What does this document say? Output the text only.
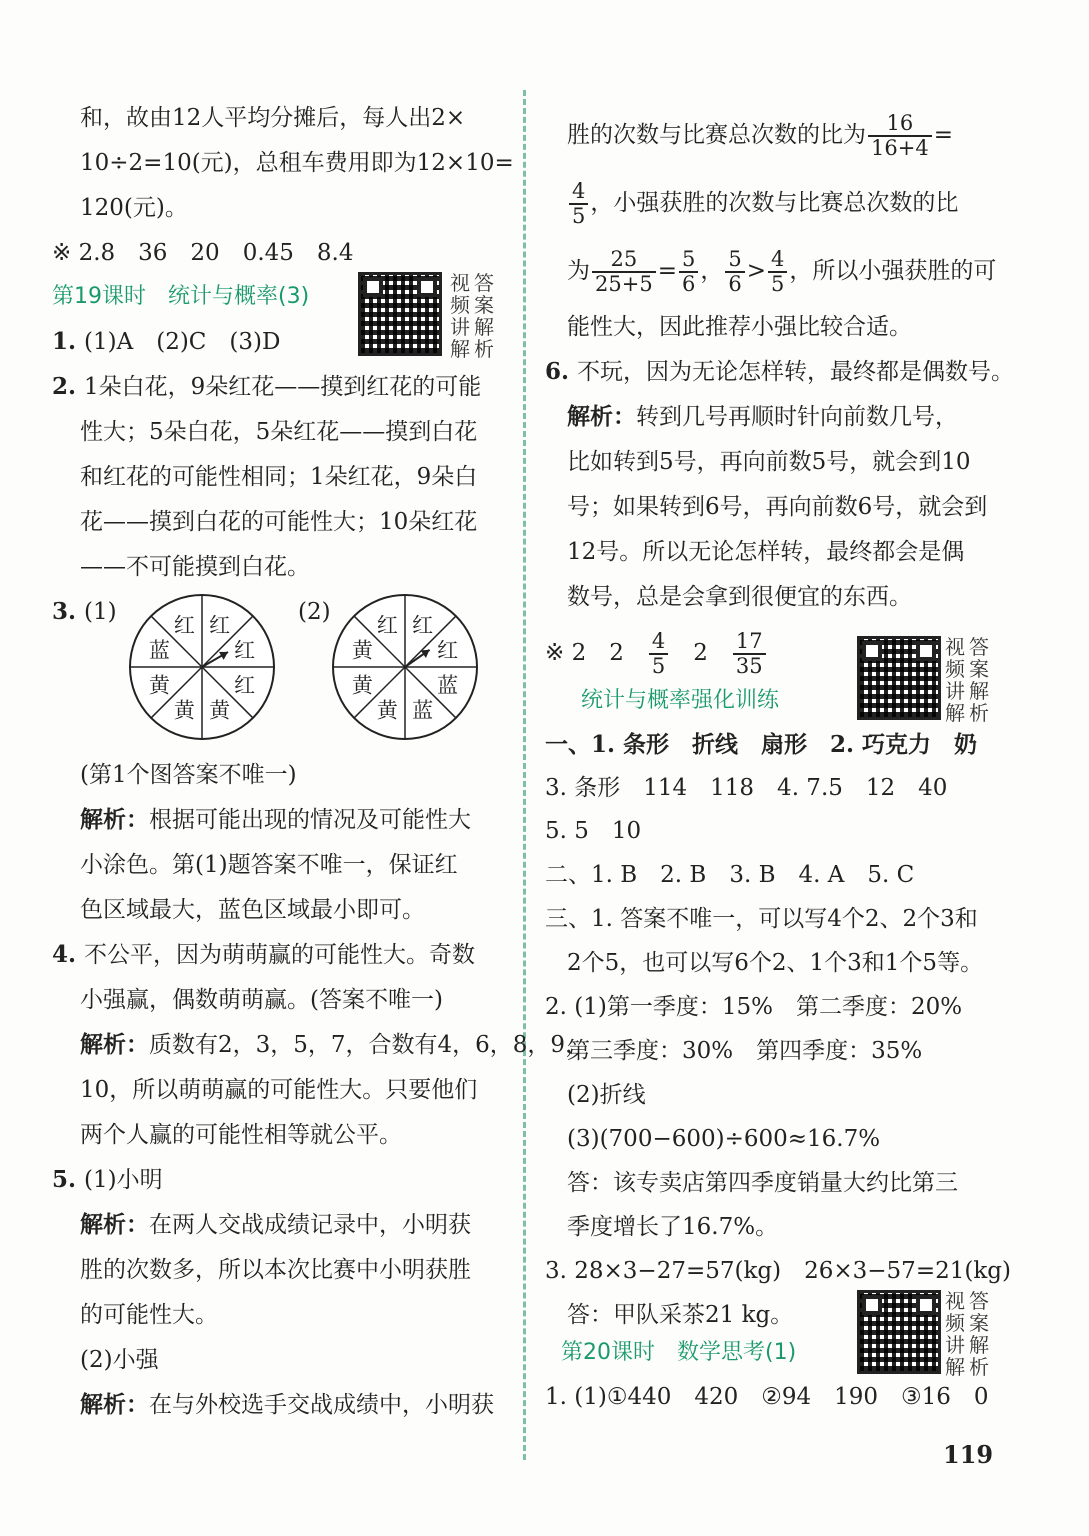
和，故由12人平均分摊后，每人出2×
10÷2=10(元)，总租车费用即为12×10=
120(元)。
※ 2.8　36　20　0.45　8.4
第19课时　统计与概率(3)
视答频案讲解解析
1. (1)A　(2)C　(3)D
2. 1朵白花，9朵红花——摸到红花的可能
性大；5朵白花，5朵红花——摸到白花
和红花的可能性相同；1朵红花，9朵白
花——摸到白花的可能性大；10朵红花
——不可能摸到白花。
3. (1)	(2)
红
红
红
黄
黄
黄
蓝
红	红
红
蓝
蓝
黄
黄
黄
红
(第1个图答案不唯一)
解析：根据可能出现的情况及可能性大
小涂色。第(1)题答案不唯一，保证红
色区域最大，蓝色区域最小即可。
4. 不公平，因为萌萌赢的可能性大。奇数
小强赢，偶数萌萌赢。(答案不唯一)
解析：质数有2，3，5，7，合数有4，6，8，9，
10，所以萌萌赢的可能性大。只要他们
两个人赢的可能性相等就公平。
5. (1)小明
解析：在两人交战成绩记录中，小明获
胜的次数多，所以本次比赛中小明获胜
的可能性大。
(2)小强
解析：在与外校选手交战成绩中，小明获
胜的次数与比赛总次数的比为 $\frac{16}{16+4}$ =
$\frac{4}{5}$ ，小强获胜的次数与比赛总次数的比
为 $\frac{25}{25+5} = \frac{5}{6}$ ， $\frac{5}{6} > \frac{4}{5}$ ，所以小强获胜的可
能性大，因此推荐小强比较合适。
6. 不玩，因为无论怎样转，最终都是偶数号。
解析：转到几号再顺时针向前数几号，
比如转到5号，再向前数5号，就会到10
号；如果转到6号，再向前数6号，就会到
12号。所以无论怎样转，最终都会是偶
数号，总是会拿到很便宜的东西。
※ 2　2　 $\frac{4}{5}$
　 2　 $\frac{17}{35}$	视答频案讲解解析
统计与概率强化训练
一、1. 条形　折线　扇形　2. 巧克力　奶
3. 条形　114　118　4. 7.5　12　40
5. 5　10
二、1. B　2. B　3. B　4. A　5. C
三、1. 答案不唯一，可以写4个2、2个3和
2个5，也可以写6个2、1个3和1个5等。
2. (1)第一季度：15%　第二季度：20%
第三季度：30%　第四季度：35%
(2)折线
(3)(700−600)÷600≈16.7%
答：该专卖店第四季度销量大约比第三
季度增长了16.7%。
3. 28×3−27=57(kg)　26×3−57=21(kg)
答：甲队采茶21 kg。
视答频案讲解解析
第20课时　数学思考(1)
1. (1)①440　420　②94　190　③16　0
119
